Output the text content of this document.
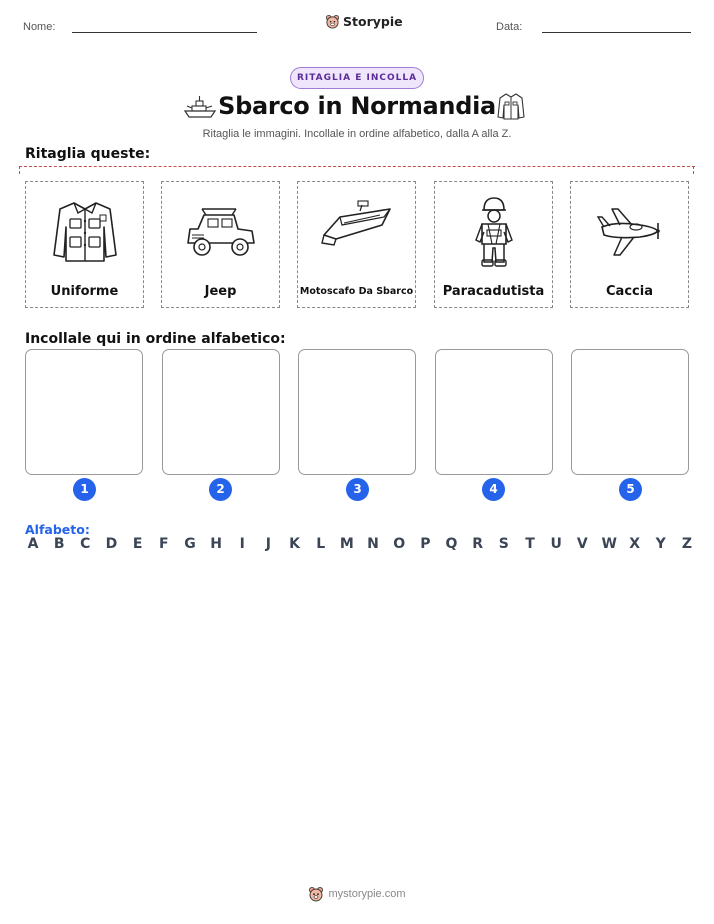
Nome:	Storypie	Data:
RITAGLIA E INCOLLA
Sbarco in Normandia
Ritaglia le immagini. Incollale in ordine alfabetico, dalla A alla Z.
Ritaglia queste:
Uniforme	Jeep	Motoscafo Da Sbarco	Paracadutista	Caccia
Incollale qui in ordine alfabetico:
1	2	3	4	5
Alfabeto:
A B C D E F G H	I	J	K L M N O P Q R S T U V W X Y Z
mystorypie.com
